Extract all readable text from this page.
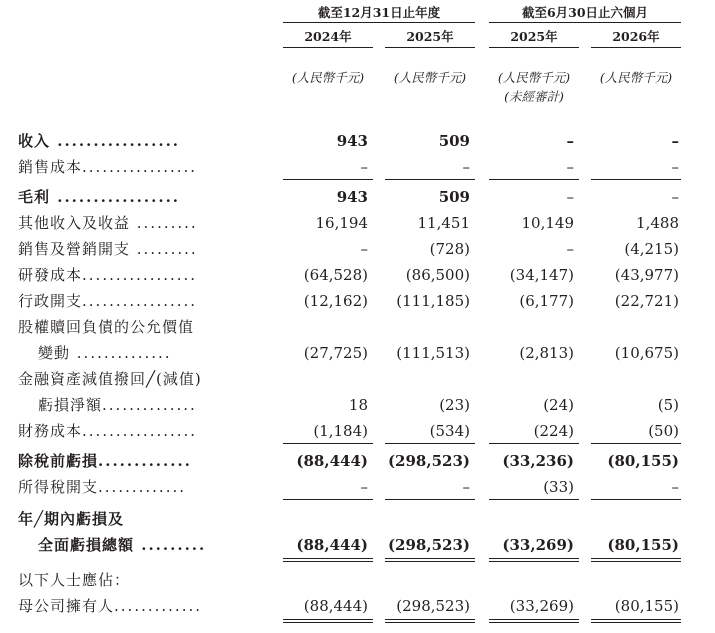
截至12月31日止年度	截至6月30日止六個月
2024年	2025年	2025年	2026年
(人民幣千元)	(人民幣千元)	(人民幣千元)	(人民幣千元)
(未經審計)
收入 .................	943	509	–	–
銷售成本.................	–	–	–	–
毛利 .................	943	509	–	–
其他收入及收益 .........	16,194	11,451	10,149	1,488
銷售及營銷開支 .........	–	(728)	–	(4,215)
研發成本.................	(64,528)	(86,500)	(34,147)	(43,977)
行政開支.................	(12,162) (111,185)	(6,177)	(22,721)
股權贖回負債的公允價值
變動 ..............	(27,725) (111,513)	(2,813)	(10,675)
金融資產減值撥回╱(減值)
虧損淨額..............	18	(23)	(24)	(5)
財務成本.................	(1,184)	(534)	(224)	(50)
除稅前虧損.............	(88,444) (298,523) (33,236) (80,155)
所得稅開支.............	–	–	(33)	–
年╱期內虧損及
全面虧損總額 .........	(88,444) (298,523) (33,269) (80,155)
以下人士應佔：
母公司擁有人.............	(88,444) (298,523)	(33,269)	(80,155)
